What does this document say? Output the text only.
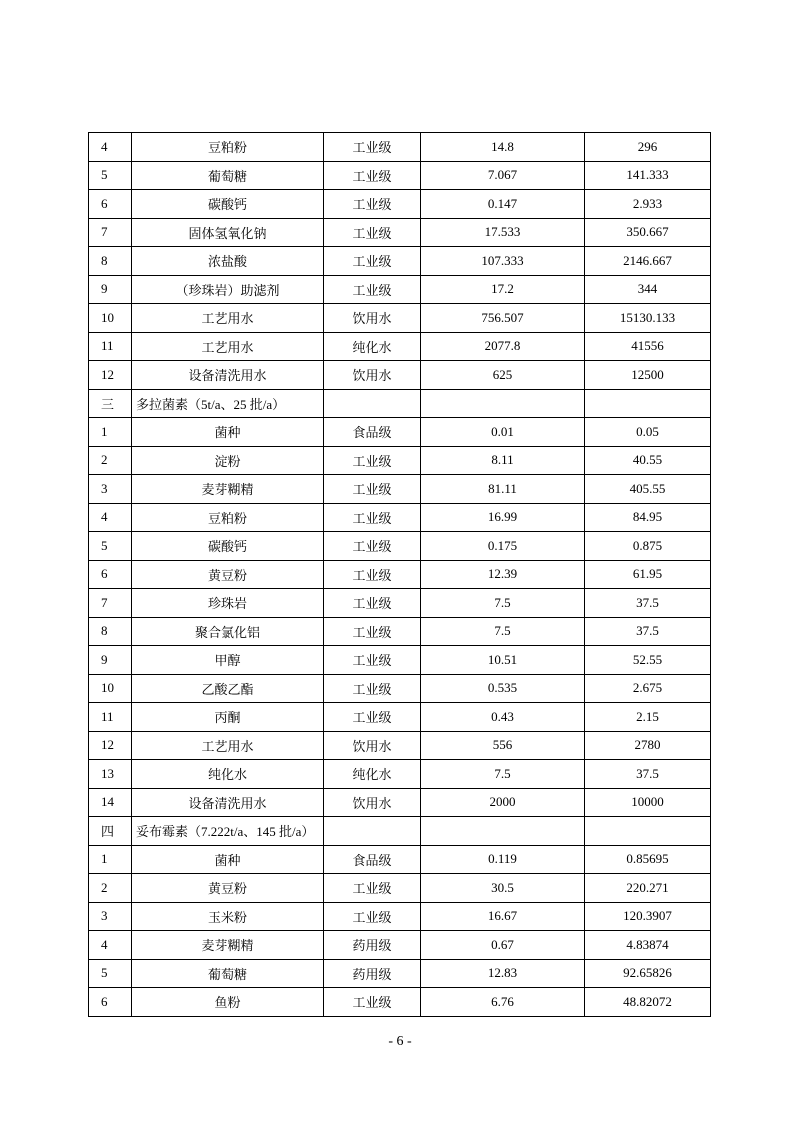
4	豆粕粉	工业级	14.8	296
5	葡萄糖	工业级	7.067	141.333
6	碳酸钙	工业级	0.147	2.933
7	固体氢氧化钠	工业级	17.533	350.667
8	浓盐酸	工业级	107.333	2146.667
9	（珍珠岩）助滤剂	工业级	17.2	344
10	工艺用水	饮用水	756.507	15130.133
11	工艺用水	纯化水	2077.8	41556
12	设备清洗用水	饮用水	625	12500
三	多拉菌素（5t/a、25 批/a）			
1	菌种	食品级	0.01	0.05
2	淀粉	工业级	8.11	40.55
3	麦芽糊精	工业级	81.11	405.55
4	豆粕粉	工业级	16.99	84.95
5	碳酸钙	工业级	0.175	0.875
6	黄豆粉	工业级	12.39	61.95
7	珍珠岩	工业级	7.5	37.5
8	聚合氯化铝	工业级	7.5	37.5
9	甲醇	工业级	10.51	52.55
10	乙酸乙酯	工业级	0.535	2.675
11	丙酮	工业级	0.43	2.15
12	工艺用水	饮用水	556	2780
13	纯化水	纯化水	7.5	37.5
14	设备清洗用水	饮用水	2000	10000
四	妥布霉素（7.222t/a、145 批/a）			
1	菌种	食品级	0.119	0.85695
2	黄豆粉	工业级	30.5	220.271
3	玉米粉	工业级	16.67	120.3907
4	麦芽糊精	药用级	0.67	4.83874
5	葡萄糖	药用级	12.83	92.65826
6	鱼粉	工业级	6.76	48.82072
- 6 -
